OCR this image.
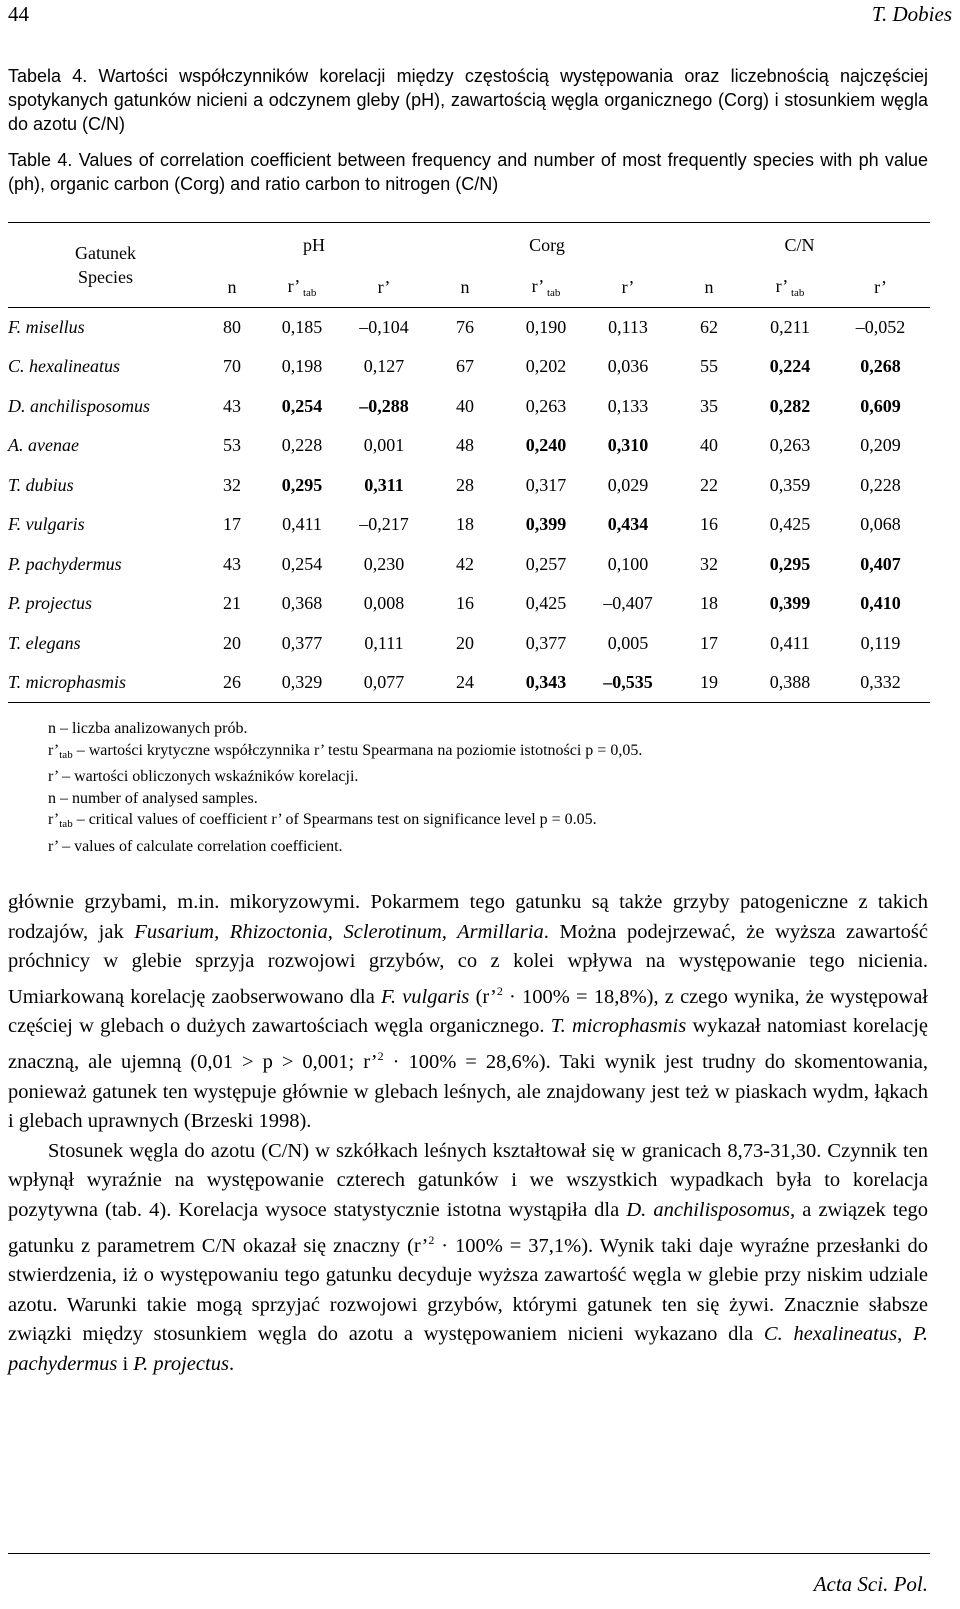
44	T. Dobies
Tabela 4. Wartości współczynników korelacji między częstością występowania oraz liczebnością najczęściej spotykanych gatunków nicieni a odczynem gleby (pH), zawartością węgla organicznego (Corg) i stosunkiem węgla do azotu (C/N)
Table 4. Values of correlation coefficient between frequency and number of most frequently species with ph value (ph), organic carbon (Corg) and ratio carbon to nitrogen (C/N)
Gatunek
Species	pH			Corg			C/N		
	n	r’ $_{tab}$	r’	n	r’ $_{tab}$	r’	n	r’ $_{tab}$	r’
F. misellus	80	0,185	–0,104	76	0,190	0,113	62	0,211	–0,052
C. hexalineatus	70	0,198	0,127	67	0,202	0,036	55	0,224	0,268
D. anchilisposomus	43	0,254	–0,288	40	0,263	0,133	35	0,282	0,609
A. avenae	53	0,228	0,001	48	0,240	0,310	40	0,263	0,209
T. dubius	32	0,295	0,311	28	0,317	0,029	22	0,359	0,228
F. vulgaris	17	0,411	–0,217	18	0,399	0,434	16	0,425	0,068
P. pachydermus	43	0,254	0,230	42	0,257	0,100	32	0,295	0,407
P. projectus	21	0,368	0,008	16	0,425	–0,407	18	0,399	0,410
T. elegans	20	0,377	0,111	20	0,377	0,005	17	0,411	0,119
T. microphasmis	26	0,329	0,077	24	0,343	–0,535	19	0,388	0,332
n – liczba analizowanych prób.
$r’_{tab}$ – wartości krytyczne współczynnika r’ testu Spearmana na poziomie istotności p = 0,05.
r’ – wartości obliczonych wskaźników korelacji.
n – number of analysed samples.
$r’_{tab}$ – critical values of coefficient r’ of Spearmans test on significance level p = 0.05.
r’ – values of calculate correlation coefficient.

głównie grzybami, m.in. mikoryzowymi. Pokarmem tego gatunku są także grzyby patogeniczne z takich rodzajów, jak Fusarium, Rhizoctonia, Sclerotinum, Armillaria. Można podejrzewać, że wyższa zawartość próchnicy w glebie sprzyja rozwojowi grzybów, co z kolei wpływa na występowanie tego nicienia. Umiarkowaną korelację zaobserwowano dla F. vulgaris (r’$^2$ · 100% = 18,8%), z czego wynika, że występował częściej w glebach o dużych zawartościach węgla organicznego. T. microphasmis wykazał natomiast korelację znaczną, ale ujemną (0,01 > p > 0,001; r’$^2$ · 100% = 28,6%). Taki wynik jest trudny do skomentowania, ponieważ gatunek ten występuje głównie w glebach leśnych, ale znajdowany jest też w piaskach wydm, łąkach i glebach uprawnych (Brzeski 1998).

Stosunek węgla do azotu (C/N) w szkółkach leśnych kształtował się w granicach 8,73-31,30. Czynnik ten wpłynął wyraźnie na występowanie czterech gatunków i we wszystkich wypadkach była to korelacja pozytywna (tab. 4). Korelacja wysoce statystycznie istotna wystąpiła dla D. anchilisposomus, a związek tego gatunku z parametrem C/N okazał się znaczny (r’$^2$ · 100% = 37,1%). Wynik taki daje wyraźne przesłanki do stwierdzenia, iż o występowaniu tego gatunku decyduje wyższa zawartość węgla w glebie przy niskim udziale azotu. Warunki takie mogą sprzyjać rozwojowi grzybów, którymi gatunek ten się żywi. Znacznie słabsze związki między stosunkiem węgla do azotu a występowaniem nicieni wykazano dla C. hexalineatus, P. pachydermus i P. projectus.

Acta Sci. Pol.
